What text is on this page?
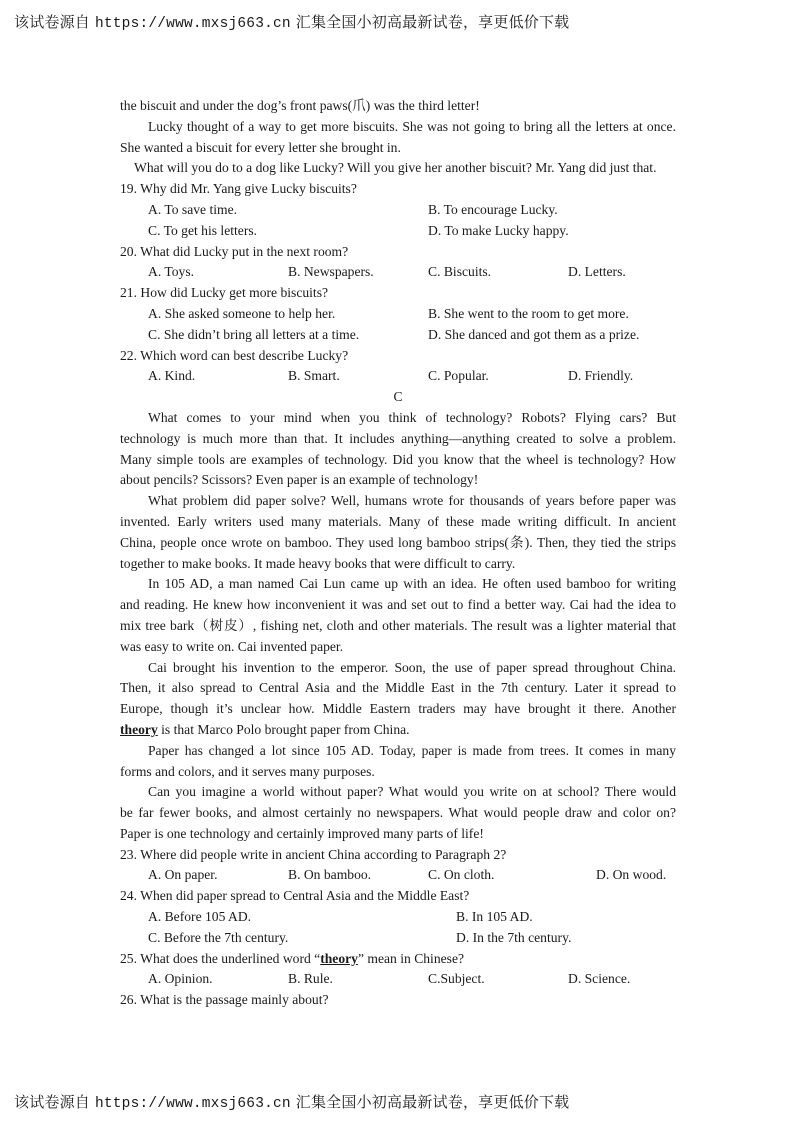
该试卷源自 https://www.mxsj663.cn 汇集全国小初高最新试卷，享更低价下载
the biscuit and under the dog’s front paws(爪) was the third letter!
Lucky thought of a way to get more biscuits. She was not going to bring all the letters at once.
She wanted a biscuit for every letter she brought in.
What will you do to a dog like Lucky? Will you give her another biscuit? Mr. Yang did just that.
19. Why did Mr. Yang give Lucky biscuits?
A. To save time.	B. To encourage Lucky.
C. To get his letters.	D. To make Lucky happy.
20. What did Lucky put in the next room?
A. Toys.	B. Newspapers.	C. Biscuits.	D. Letters.
21. How did Lucky get more biscuits?
A. She asked someone to help her.	B. She went to the room to get more.
C. She didn’t bring all letters at a time.	D. She danced and got them as a prize.
22. Which word can best describe Lucky?
A. Kind.	B. Smart.	C. Popular.	D. Friendly.
C
What comes to your mind when you think of technology? Robots? Flying cars? But
technology is much more than that. It includes anything—anything created to solve a problem.
Many simple tools are examples of technology. Did you know that the wheel is technology? How
about pencils? Scissors? Even paper is an example of technology!
What problem did paper solve? Well, humans wrote for thousands of years before paper was
invented. Early writers used many materials. Many of these made writing difficult. In ancient
China, people once wrote on bamboo. They used long bamboo strips(条). Then, they tied the strips
together to make books. It made heavy books that were difficult to carry.
In 105 AD, a man named Cai Lun came up with an idea. He often used bamboo for writing
and reading. He knew how inconvenient it was and set out to find a better way. Cai had the idea to
mix tree bark（树皮）, fishing net, cloth and other materials. The result was a lighter material that
was easy to write on. Cai invented paper.
Cai brought his invention to the emperor. Soon, the use of paper spread throughout China.
Then, it also spread to Central Asia and the Middle East in the 7th century. Later it spread to
Europe, though it’s unclear how. Middle Eastern traders may have brought it there. Another
theory is that Marco Polo brought paper from China.
Paper has changed a lot since 105 AD. Today, paper is made from trees. It comes in many
forms and colors, and it serves many purposes.
Can you imagine a world without paper? What would you write on at school? There would
be far fewer books, and almost certainly no newspapers. What would people draw and color on?
Paper is one technology and certainly improved many parts of life!
23. Where did people write in ancient China according to Paragraph 2?
A. On paper.	B. On bamboo.	C. On cloth.	D. On wood.
24. When did paper spread to Central Asia and the Middle East?
A. Before 105 AD.	B. In 105 AD.
C. Before the 7th century.	D. In the 7th century.
25. What does the underlined word “theory” mean in Chinese?
A. Opinion.	B. Rule.	C.Subject.	D. Science.
26. What is the passage mainly about?
该试卷源自 https://www.mxsj663.cn 汇集全国小初高最新试卷，享更低价下载
